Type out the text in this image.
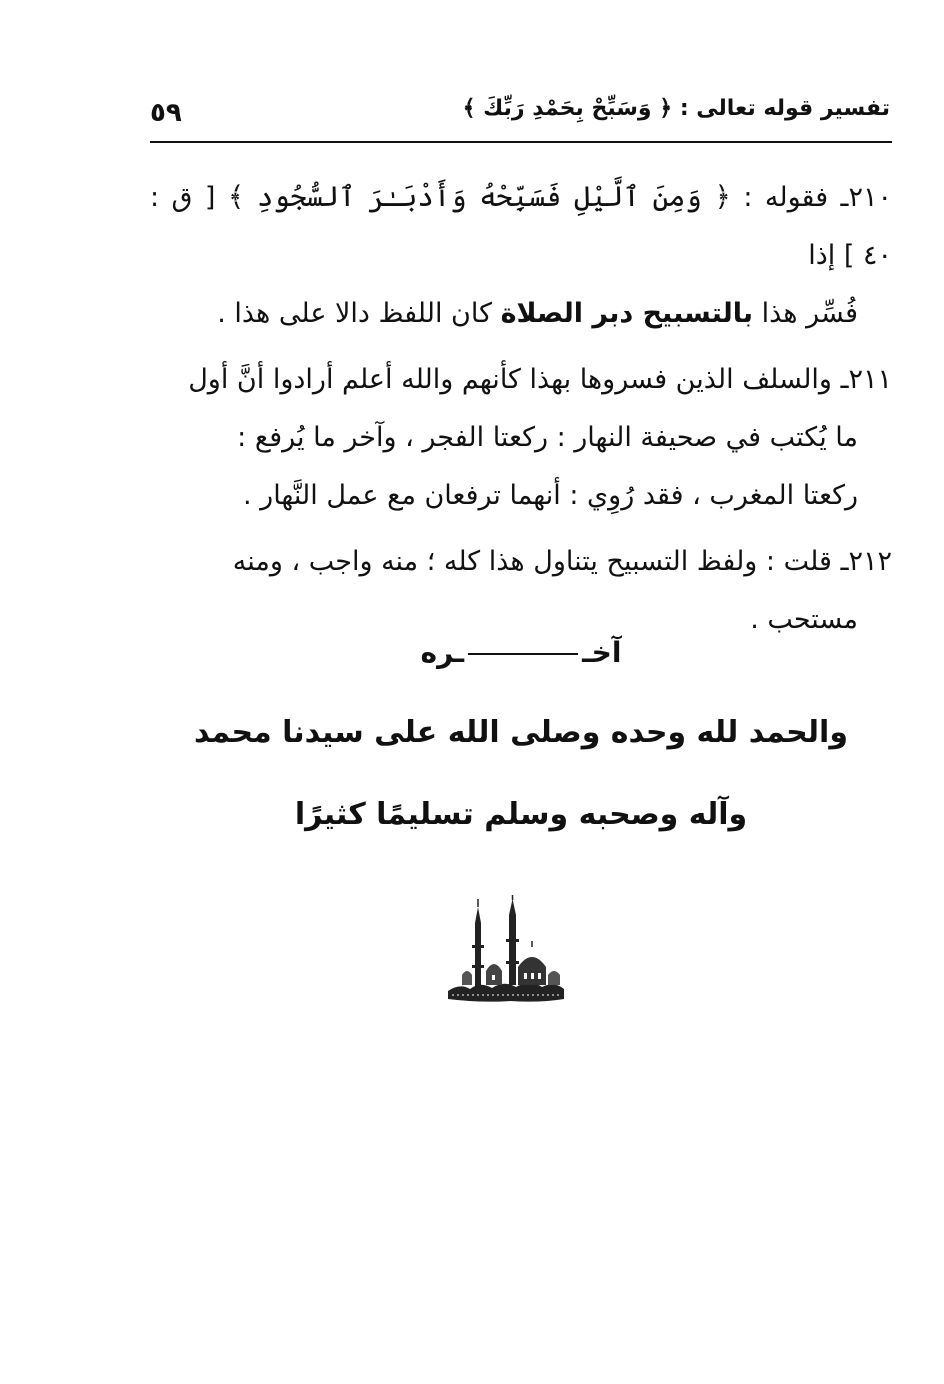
٥٩	تفسير قوله تعالى : ﴿ وَسَبِّحْ بِحَمْدِ رَبِّكَ ﴾

٢١٠ـ فقوله : ﴿ وَمِنَ ٱلَّيْلِ فَسَبِّحْهُ وَأَدْبَـٰرَ ٱلسُّجُودِ ﴾ [ ق : ٤٠ ] إذا
فُسِّر هذا بالتسبيح دبر الصلاة كان اللفظ دالا على هذا .

٢١١ـ والسلف الذين فسروها بهذا كأنهم والله أعلم أرادوا أنَّ أول
ما يُكتب في صحيفة النهار : ركعتا الفجر ، وآخر ما يُرفع :
ركعتا المغرب ، فقد رُوِي : أنهما ترفعان مع عمل النَّهار .

٢١٢ـ قلت : ولفظ التسبيح يتناول هذا كله ؛ منه واجب ، ومنه
مستحب .

آخــره
والحمد لله وحده وصلى الله على سيدنا محمد
وآله وصحبه وسلم تسليمًا كثيرًا
